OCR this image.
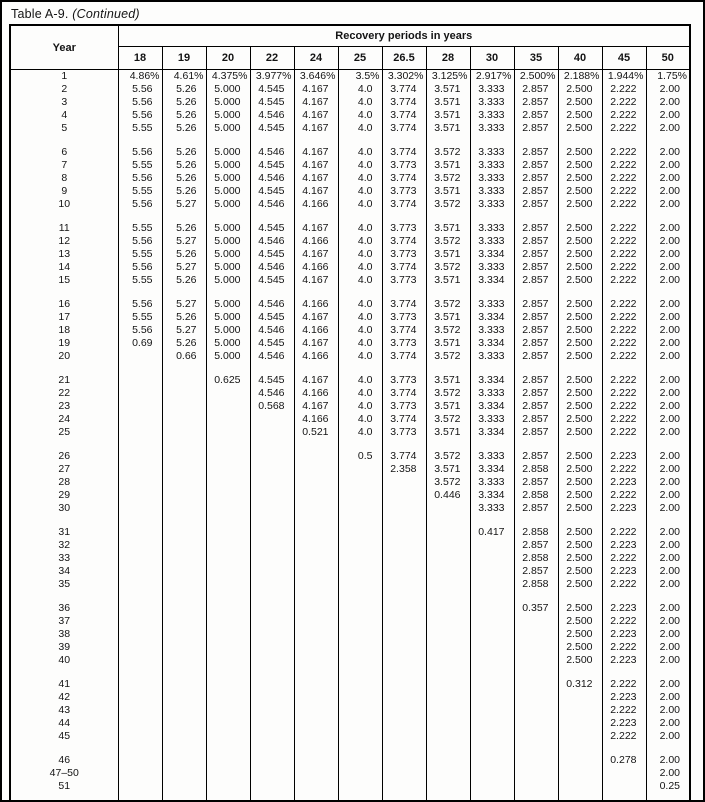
Table A-9. (Continued)
Year	Recovery periods in years												
	18	19	20	22	24	25	26.5	28	30	35	40	45	50
1	4.86%	4.61%	4.375%	3.977%	3.646%	3.5%	3.302%	3.125%	2.917%	2.500%	2.188%	1.944%	1.75%
2	5.56	5.26	5.000	4.545	4.167	4.0	3.774	3.571	3.333	2.857	2.500	2.222	2.00
3	5.56	5.26	5.000	4.545	4.167	4.0	3.774	3.571	3.333	2.857	2.500	2.222	2.00
4	5.56	5.26	5.000	4.546	4.167	4.0	3.774	3.571	3.333	2.857	2.500	2.222	2.00
5	5.55	5.26	5.000	4.545	4.167	4.0	3.774	3.571	3.333	2.857	2.500	2.222	2.00

6	5.56	5.26	5.000	4.546	4.167	4.0	3.774	3.572	3.333	2.857	2.500	2.222	2.00
7	5.55	5.26	5.000	4.545	4.167	4.0	3.773	3.571	3.333	2.857	2.500	2.222	2.00
8	5.56	5.26	5.000	4.546	4.167	4.0	3.774	3.572	3.333	2.857	2.500	2.222	2.00
9	5.55	5.26	5.000	4.545	4.167	4.0	3.773	3.571	3.333	2.857	2.500	2.222	2.00
10	5.56	5.27	5.000	4.546	4.166	4.0	3.774	3.572	3.333	2.857	2.500	2.222	2.00

11	5.55	5.26	5.000	4.545	4.167	4.0	3.773	3.571	3.333	2.857	2.500	2.222	2.00
12	5.56	5.27	5.000	4.546	4.166	4.0	3.774	3.572	3.333	2.857	2.500	2.222	2.00
13	5.55	5.26	5.000	4.545	4.167	4.0	3.773	3.571	3.334	2.857	2.500	2.222	2.00
14	5.56	5.27	5.000	4.546	4.166	4.0	3.774	3.572	3.333	2.857	2.500	2.222	2.00
15	5.55	5.26	5.000	4.545	4.167	4.0	3.773	3.571	3.334	2.857	2.500	2.222	2.00

16	5.56	5.27	5.000	4.546	4.166	4.0	3.774	3.572	3.333	2.857	2.500	2.222	2.00
17	5.55	5.26	5.000	4.545	4.167	4.0	3.773	3.571	3.334	2.857	2.500	2.222	2.00
18	5.56	5.27	5.000	4.546	4.166	4.0	3.774	3.572	3.333	2.857	2.500	2.222	2.00
19	0.69	5.26	5.000	4.545	4.167	4.0	3.773	3.571	3.334	2.857	2.500	2.222	2.00
20		0.66	5.000	4.546	4.166	4.0	3.774	3.572	3.333	2.857	2.500	2.222	2.00

21			0.625	4.545	4.167	4.0	3.773	3.571	3.334	2.857	2.500	2.222	2.00
22				4.546	4.166	4.0	3.774	3.572	3.333	2.857	2.500	2.222	2.00
23				0.568	4.167	4.0	3.773	3.571	3.334	2.857	2.500	2.222	2.00
24					4.166	4.0	3.774	3.572	3.333	2.857	2.500	2.222	2.00
25					0.521	4.0	3.773	3.571	3.334	2.857	2.500	2.222	2.00

26						0.5	3.774	3.572	3.333	2.857	2.500	2.223	2.00
27							2.358	3.571	3.334	2.858	2.500	2.222	2.00
28								3.572	3.333	2.857	2.500	2.223	2.00
29								0.446	3.334	2.858	2.500	2.222	2.00
30									3.333	2.857	2.500	2.223	2.00

31									0.417	2.858	2.500	2.222	2.00
32										2.857	2.500	2.223	2.00
33										2.858	2.500	2.222	2.00
34										2.857	2.500	2.223	2.00
35										2.858	2.500	2.222	2.00

36										0.357	2.500	2.223	2.00
37											2.500	2.222	2.00
38											2.500	2.223	2.00
39											2.500	2.222	2.00
40											2.500	2.223	2.00

41											0.312	2.222	2.00
42												2.223	2.00
43												2.222	2.00
44												2.223	2.00
45												2.222	2.00

46												0.278	2.00
47–50													2.00
51													0.25
